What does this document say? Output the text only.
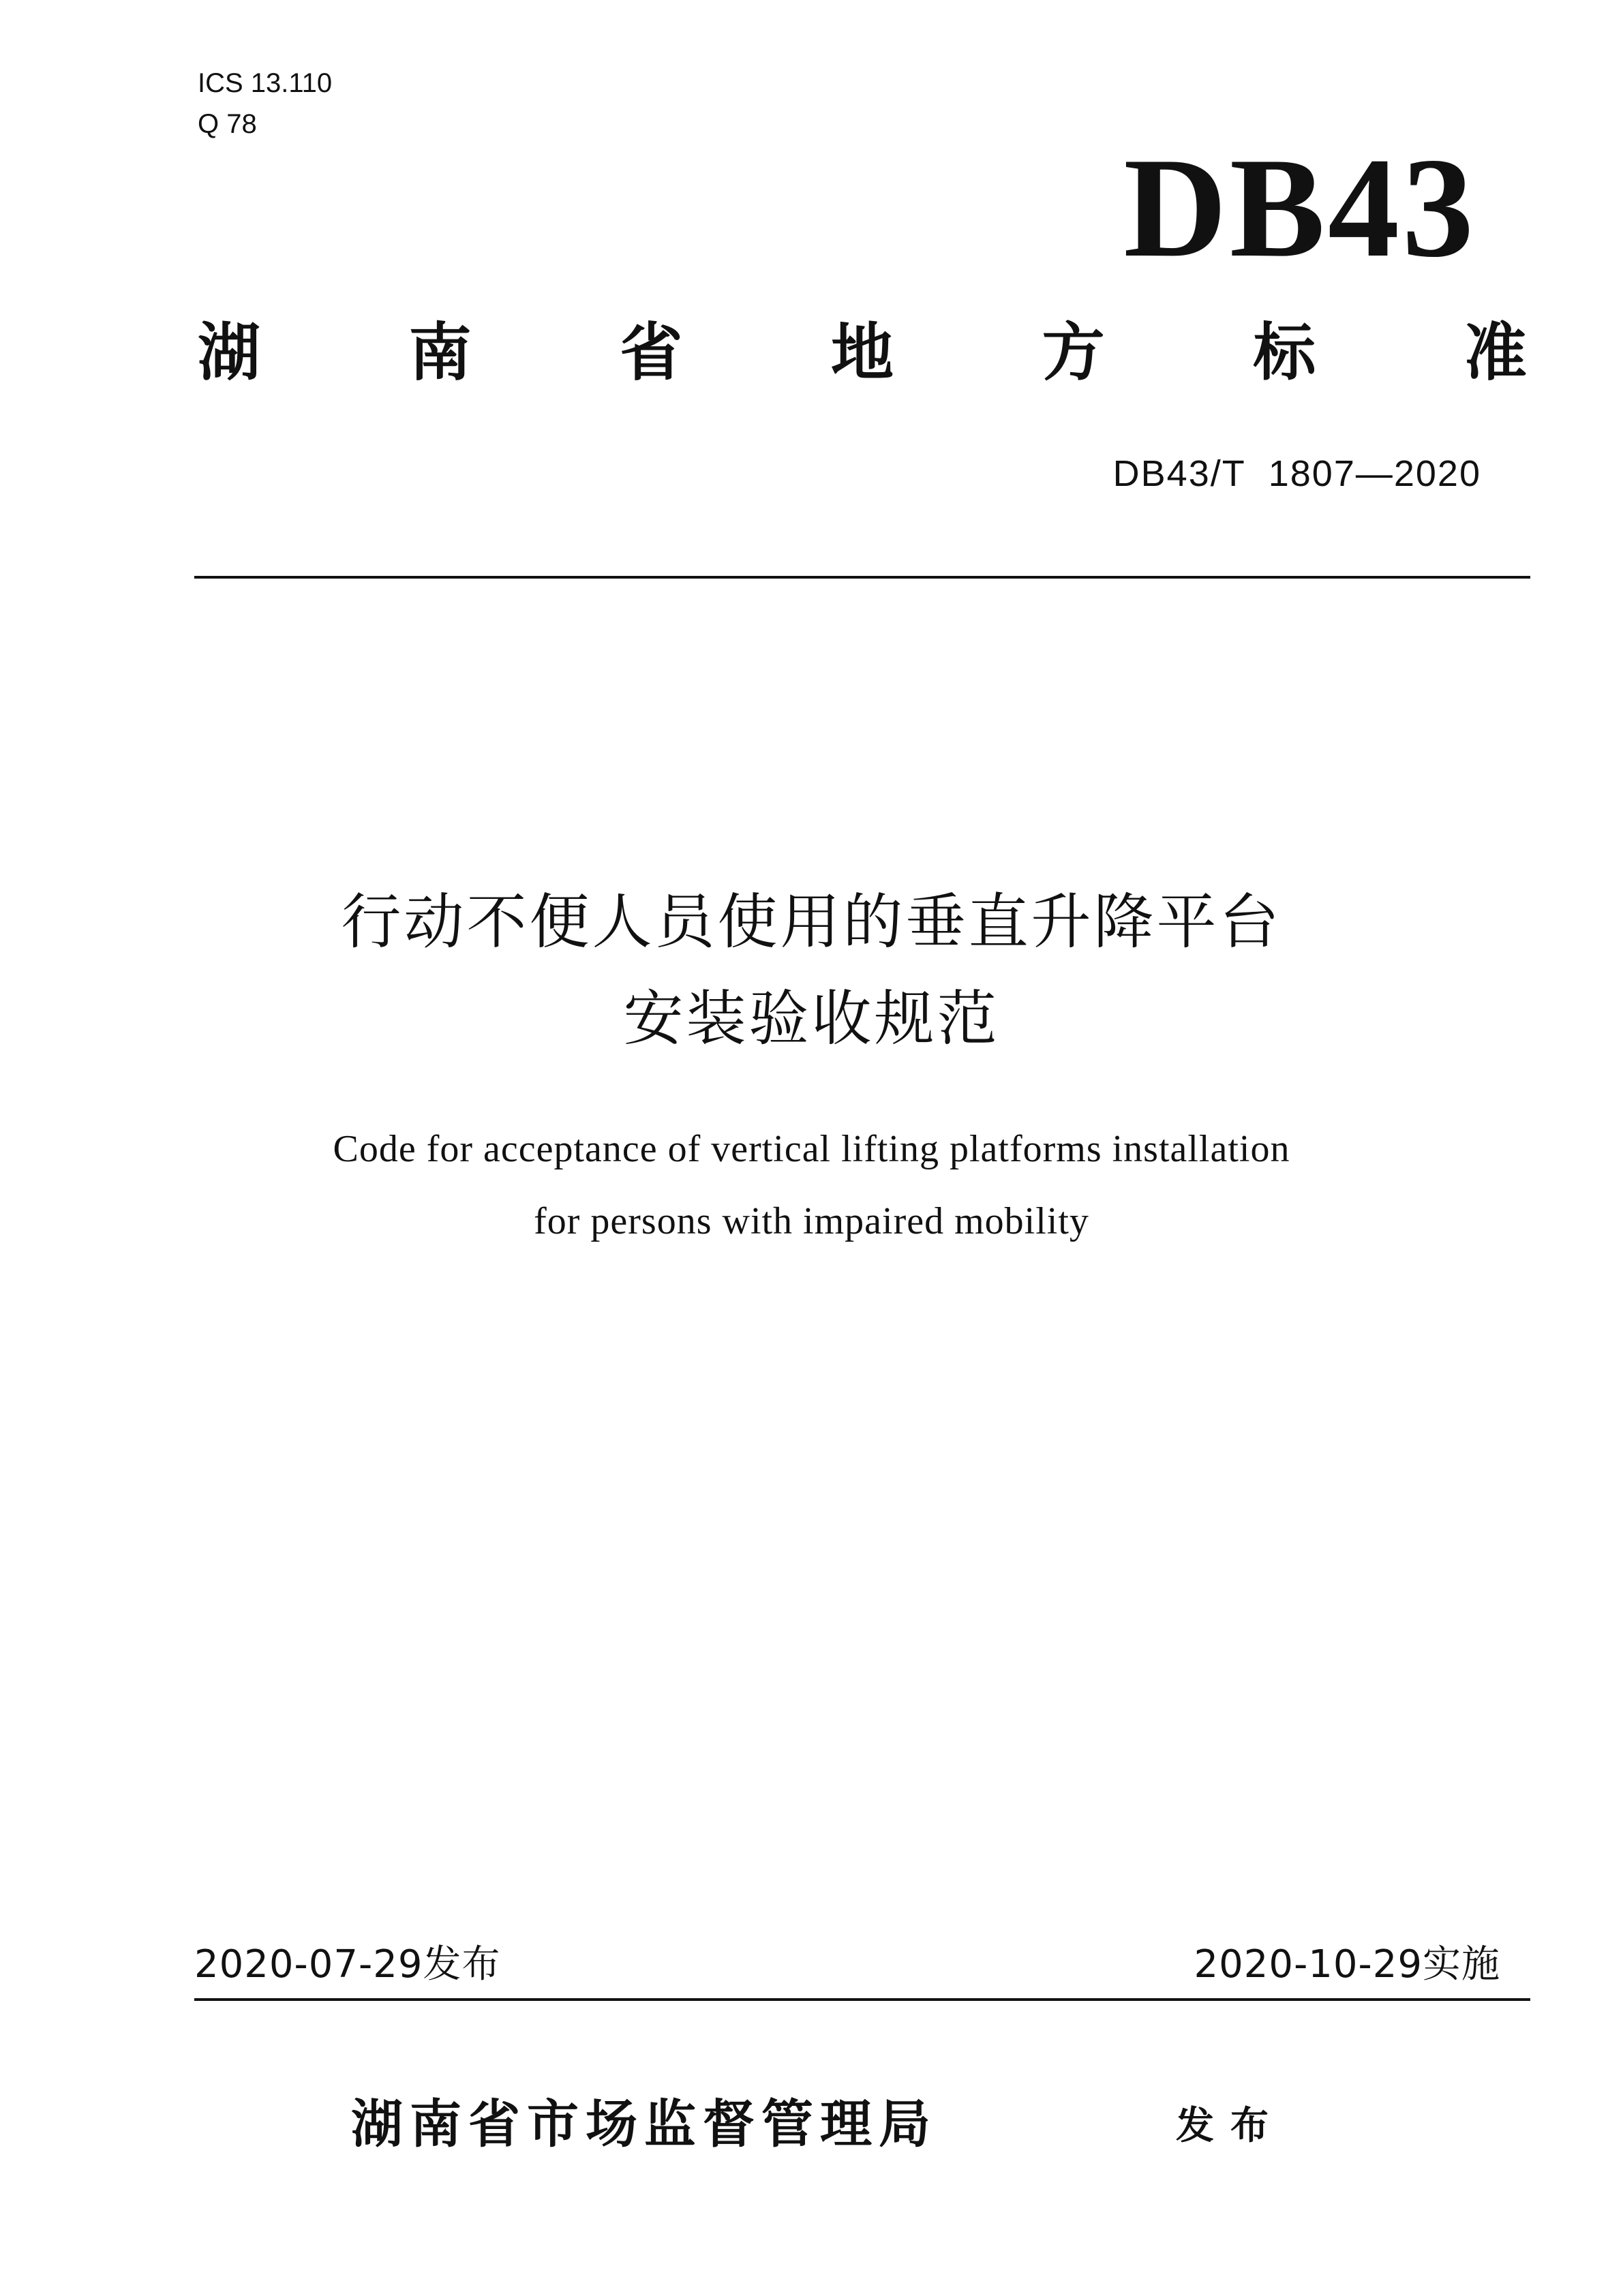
ICS 13.110
Q 78
DB43
湖 南 省 地 方 标 准
DB43/T  1807—2020
行动不便人员使用的垂直升降平台
安装验收规范
Code for acceptance of vertical lifting platforms installation
for persons with impaired mobility
2020-07-29发布	2020-10-29实施
湖南省市场监督管理局	发布
